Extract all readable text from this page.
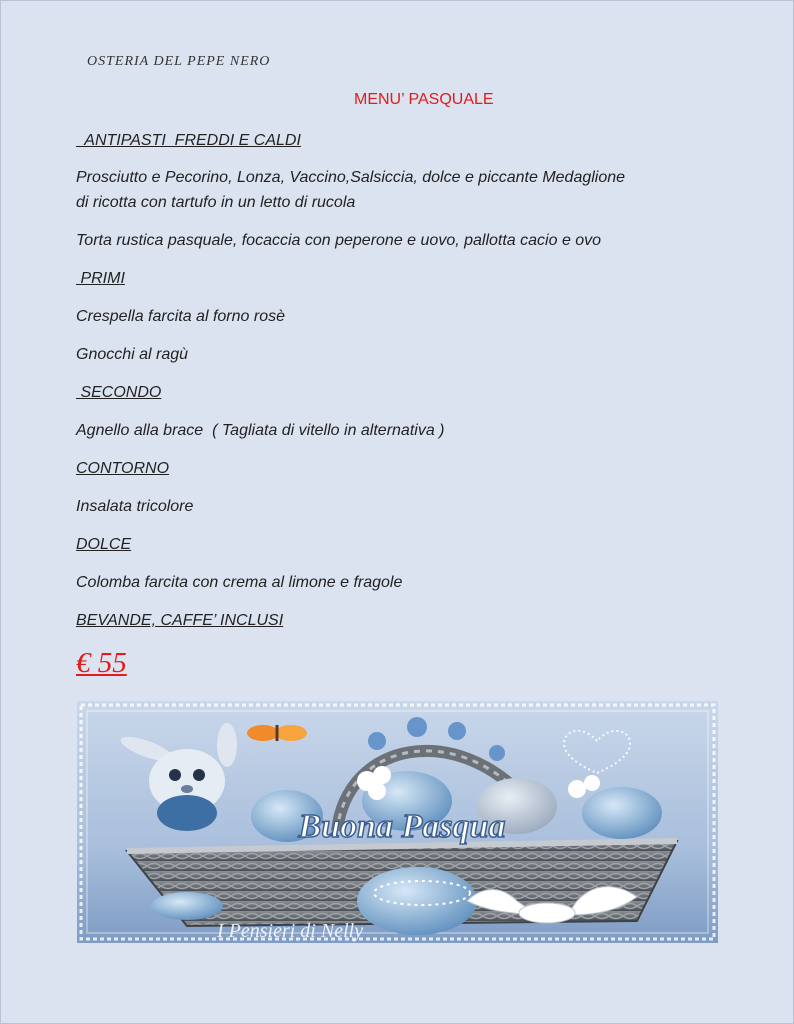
OSTERIA DEL PEPE NERO
MENU’ PASQUALE
ANTIPASTI  FREDDI E CALDI
Prosciutto e Pecorino, Lonza, Vaccino,Salsiccia, dolce e piccante Medaglione
di ricotta con tartufo in un letto di rucola
Torta rustica pasquale, focaccia con peperone e uovo, pallotta cacio e ovo
PRIMI
Crespella farcita al forno rosè
Gnocchi al ragù
SECONDO
Agnello alla brace  ( Tagliata di vitello in alternativa )
CONTORNO
Insalata tricolore
DOLCE
Colomba farcita con crema al limone e fragole
BEVANDE, CAFFE’ INCLUSI
€ 55
Buona Pasqua
I Pensieri di Nelly
